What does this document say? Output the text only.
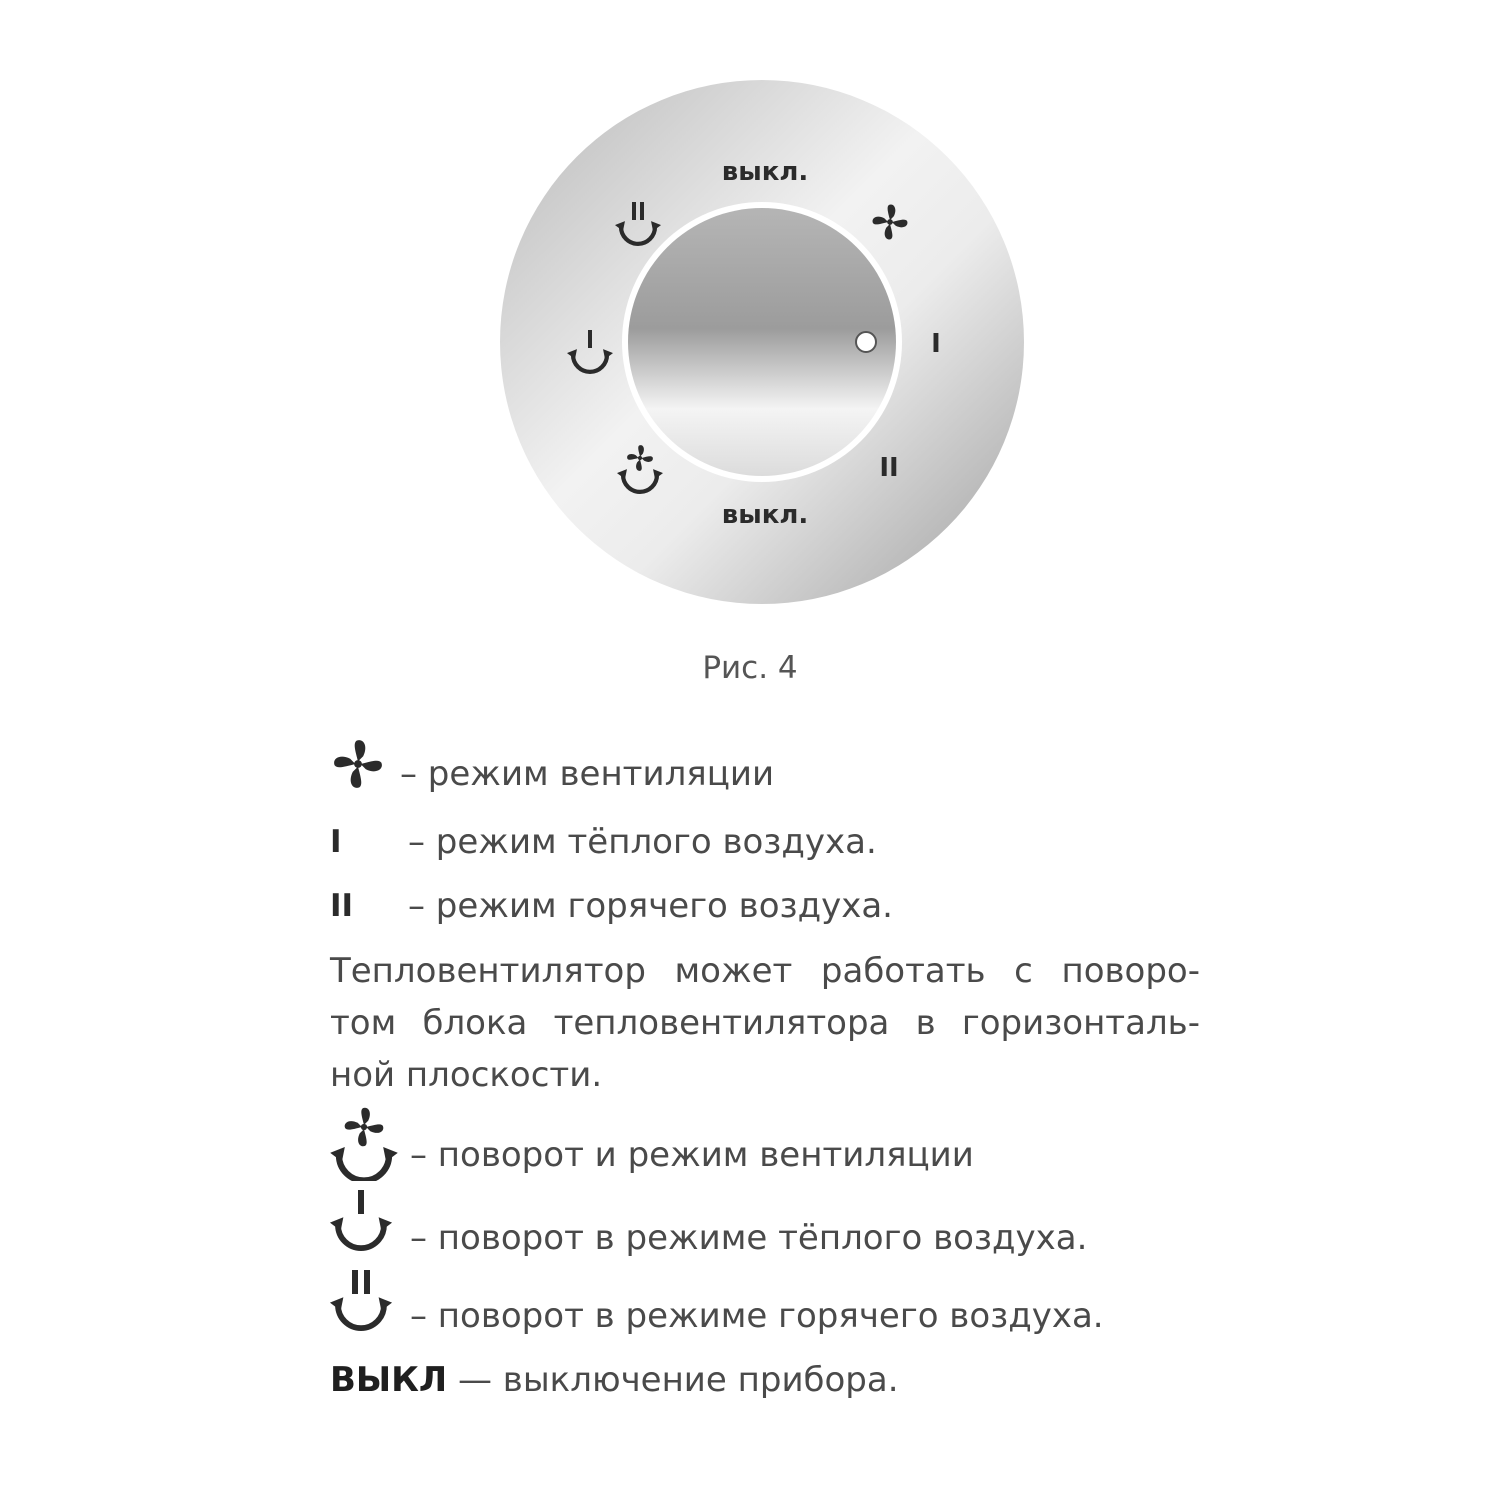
выкл.
выкл.
I
II
Рис. 4
– режим вентиляции
I – режим тёплого воздуха.
II – режим горячего воздуха.
Тепловентилятор может работать с поворо-
том блока тепловентилятора в горизонталь-
ной плоскости.
– поворот и режим вентиляции
– поворот в режиме тёплого воздуха.
– поворот в режиме горячего воздуха.
ВЫКЛ — выключение прибора.
